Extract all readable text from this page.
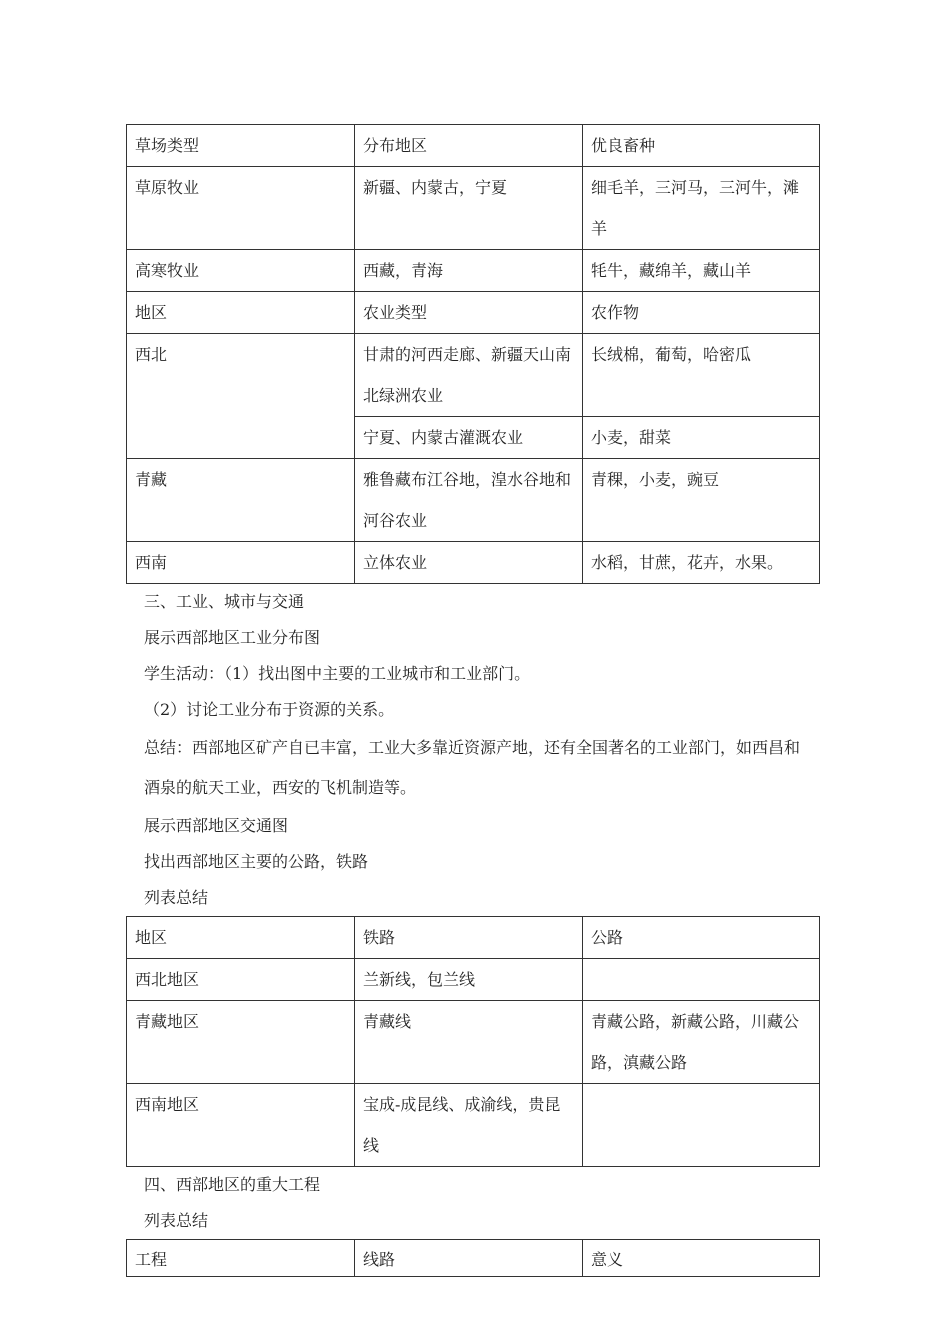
草场类型	分布地区	优良畜种
草原牧业	新疆、内蒙古，宁夏	细毛羊，三河马，三河牛，滩羊
高寒牧业	西藏，青海	牦牛，藏绵羊，藏山羊
地区	农业类型	农作物
西北	甘肃的河西走廊、新疆天山南北绿洲农业	长绒棉，葡萄，哈密瓜
	宁夏、内蒙古灌溉农业	小麦，甜菜
青藏	雅鲁藏布江谷地，湟水谷地和河谷农业	青稞，小麦，豌豆
西南	立体农业	水稻，甘蔗，花卉，水果。

三、工业、城市与交通

展示西部地区工业分布图

学生活动：（1）找出图中主要的工业城市和工业部门。

（2）讨论工业分布于资源的关系。

总结：西部地区矿产自已丰富，工业大多靠近资源产地，还有全国著名的工业部门，如西昌和酒泉的航天工业，西安的飞机制造等。

展示西部地区交通图

找出西部地区主要的公路，铁路

列表总结

地区	铁路	公路
西北地区	兰新线，包兰线	
青藏地区	青藏线	青藏公路，新藏公路，川藏公路，滇藏公路
西南地区	宝成-成昆线、成渝线，贵昆线	

四、西部地区的重大工程

列表总结

工程	线路	意义
